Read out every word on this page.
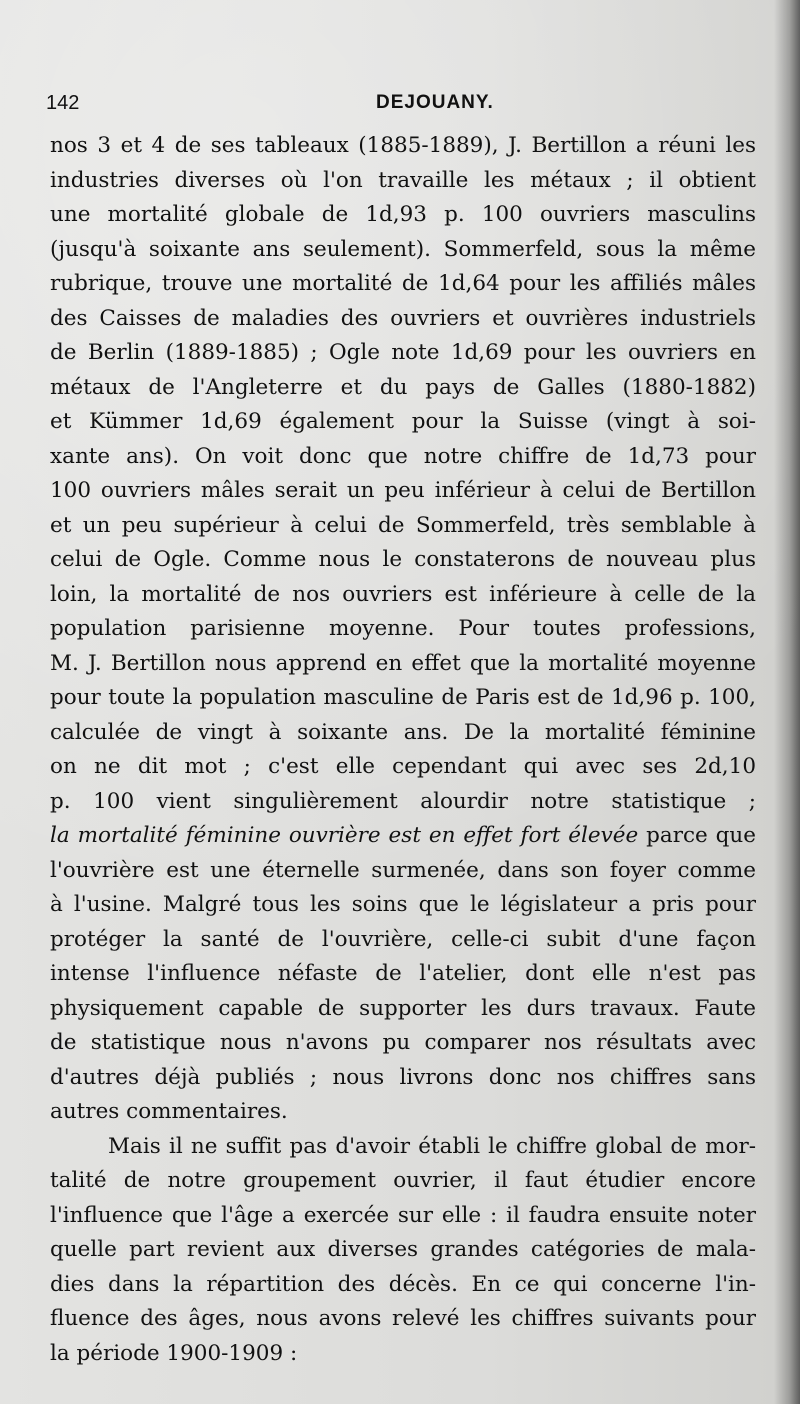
142	DEJOUANY.
nos 3 et 4 de ses tableaux (1885-1889), J. Bertillon a réuni les
industries diverses où l'on travaille les métaux ; il obtient
une mortalité globale de 1d,93 p. 100 ouvriers masculins
(jusqu'à soixante ans seulement). Sommerfeld, sous la même
rubrique, trouve une mortalité de 1d,64 pour les affiliés mâles
des Caisses de maladies des ouvriers et ouvrières industriels
de Berlin (1889-1885) ; Ogle note 1d,69 pour les ouvriers en
métaux de l'Angleterre et du pays de Galles (1880-1882)
et Kümmer 1d,69 également pour la Suisse (vingt à soi-
xante ans). On voit donc que notre chiffre de 1d,73 pour
100 ouvriers mâles serait un peu inférieur à celui de Bertillon
et un peu supérieur à celui de Sommerfeld, très semblable à
celui de Ogle. Comme nous le constaterons de nouveau plus
loin, la mortalité de nos ouvriers est inférieure à celle de la
population parisienne moyenne. Pour toutes professions,
M. J. Bertillon nous apprend en effet que la mortalité moyenne
pour toute la population masculine de Paris est de 1d,96 p. 100,
calculée de vingt à soixante ans. De la mortalité féminine
on ne dit mot ; c'est elle cependant qui avec ses 2d,10
p. 100 vient singulièrement alourdir notre statistique ;
la mortalité féminine ouvrière est en effet fort élevée parce que
l'ouvrière est une éternelle surmenée, dans son foyer comme
à l'usine. Malgré tous les soins que le législateur a pris pour
protéger la santé de l'ouvrière, celle-ci subit d'une façon
intense l'influence néfaste de l'atelier, dont elle n'est pas
physiquement capable de supporter les durs travaux. Faute
de statistique nous n'avons pu comparer nos résultats avec
d'autres déjà publiés ; nous livrons donc nos chiffres sans
autres commentaires.
Mais il ne suffit pas d'avoir établi le chiffre global de mor-
talité de notre groupement ouvrier, il faut étudier encore
l'influence que l'âge a exercée sur elle : il faudra ensuite noter
quelle part revient aux diverses grandes catégories de mala-
dies dans la répartition des décès. En ce qui concerne l'in-
fluence des âges, nous avons relevé les chiffres suivants pour
la période 1900-1909 :
